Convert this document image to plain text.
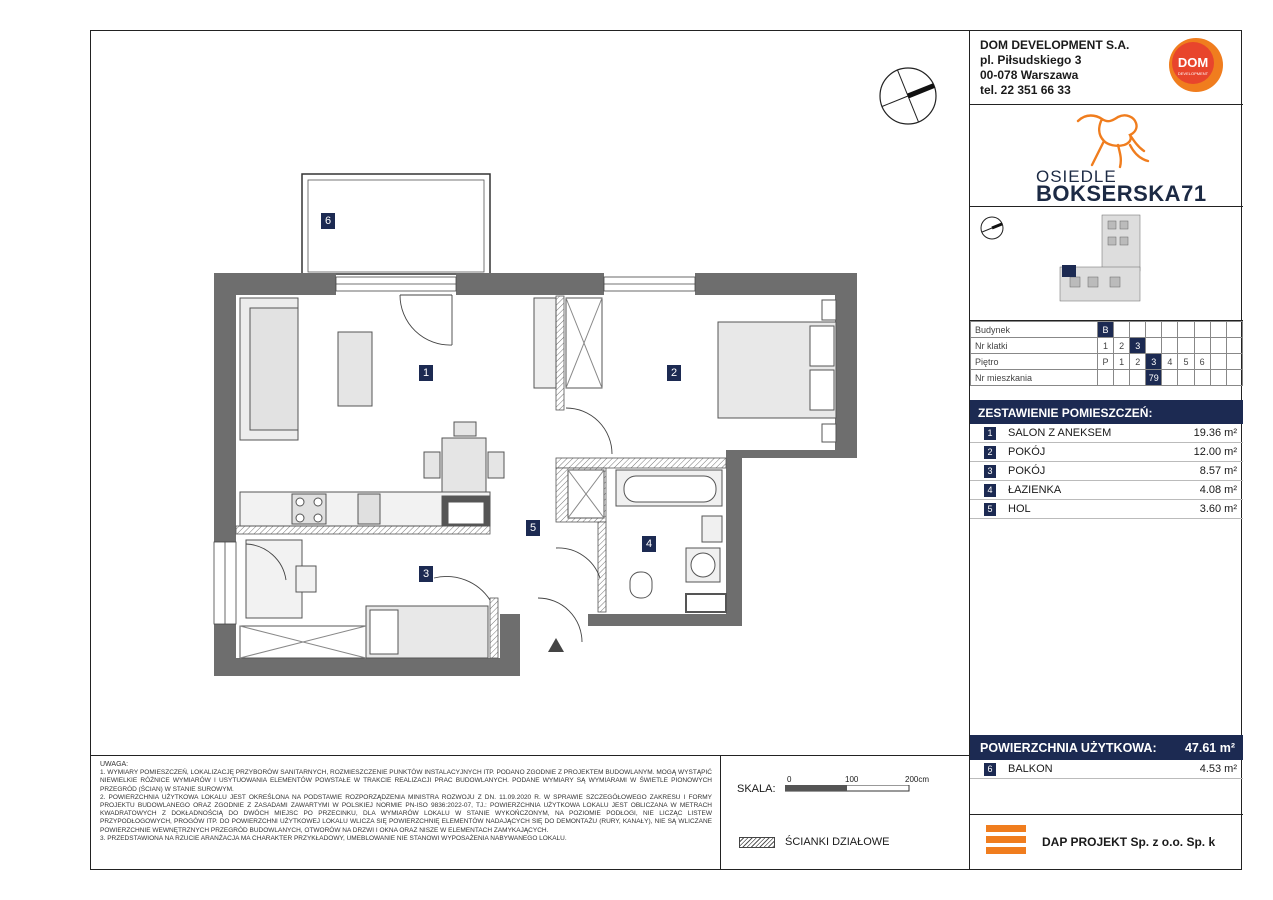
1	2
3
4
5
6
UWAGA:
1. WYMIARY POMIESZCZEŃ, LOKALIZACJĘ PRZYBORÓW SANITARNYCH, ROZMIESZCZENIE PUNKTÓW INSTALACYJNYCH ITP. PODANO ZGODNIE Z PROJEKTEM BUDOWLANYM. MOGĄ WYSTĄPIĆ NIEWIELKIE RÓŻNICE WYMIARÓW I USYTUOWANIA ELEMENTÓW POWSTAŁE W TRAKCIE REALIZACJI PRAC BUDOWLANYCH. PODANE WYMIARY SĄ WYMIARAMI W ŚWIETLE PIONOWYCH PRZEGRÓD (ŚCIAN) W STANIE SUROWYM.
2. POWIERZCHNIA UŻYTKOWA LOKALU JEST OKREŚLONA NA PODSTAWIE ROZPORZĄDZENIA MINISTRA ROZWOJU Z DN. 11.09.2020 R. W SPRAWIE SZCZEGÓŁOWEGO ZAKRESU I FORMY PROJEKTU BUDOWLANEGO ORAZ ZGODNIE Z ZASADAMI ZAWARTYMI W POLSKIEJ NORMIE PN-ISO 9836:2022-07, TJ.: POWIERZCHNIA UŻYTKOWA LOKALU JEST OBLICZANA W METRACH KWADRATOWYCH Z DOKŁADNOŚCIĄ DO DWÓCH MIEJSC PO PRZECINKU, DLA WYMIARÓW LOKALU W STANIE WYKOŃCZONYM, NA POZIOMIE PODŁOGI, NIE LICZĄC LISTEW PRZYPODŁOGOWYCH, PROGÓW ITP. DO POWIERZCHNI UŻYTKOWEJ LOKALU WLICZA SIĘ POWIERZCHNIĘ ELEMENTÓW NADAJĄCYCH SIĘ DO DEMONTAŻU (RURY, KANAŁY), NIE SĄ WLICZANE POWIERZCHNIE WEWNĘTRZNYCH PRZEGRÓD BUDOWLANYCH, OTWORÓW NA DRZWI I OKNA ORAZ NISZE W ELEMENTACH ZAMYKAJĄCYCH.
3. PRZEDSTAWIONA NA RZUCIE ARANŻACJA MA CHARAKTER PRZYKŁADOWY, UMEBLOWANIE NIE STANOWI WYPOSAŻENIA NABYWANEGO LOKALU.
SKALA:
0	100	200cm
ŚCIANKI DZIAŁOWE
DOM DEVELOPMENT S.A.
pl. Piłsudskiego 3
00-078 Warszawa
tel. 22 351 66 33
DOM
DEVELOPMENT
OSIEDLE
BOKSERSKA71
Budynek	B								
Nr klatki	1	2	3						
Piętro	P	1	2	3	4	5	6		
Nr mieszkania				79					
ZESTAWIENIE POMIESZCZEŃ:
1	SALON Z ANEKSEM	19.36 m²
2	POKÓJ	12.00 m²
3	POKÓJ	8.57 m²
4	ŁAZIENKA	4.08 m²
5	HOL	3.60 m²
POWIERZCHNIA UŻYTKOWA: 47.61 m²
6	BALKON	4.53 m²
DAP PROJEKT Sp. z o.o. Sp. k
